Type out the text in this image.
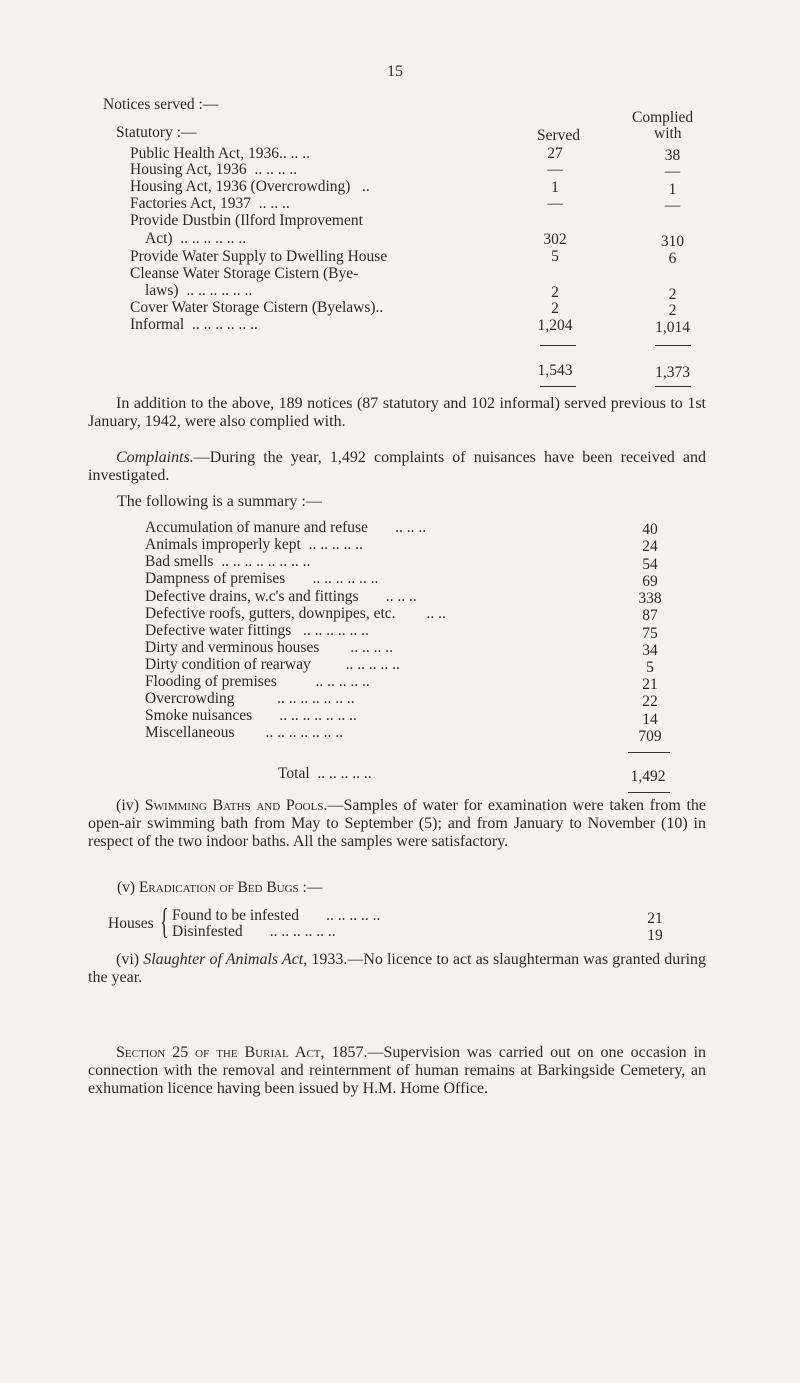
15
Notices served :—
Complied
with
Statutory :—	Served
Public Health Act, 1936.. .. ..	27	38
Housing Act, 1936 .. .. .. ..	—	—
Housing Act, 1936 (Overcrowding) ..	1	1
Factories Act, 1937 .. .. ..	—	—
Provide Dustbin (Ilford Improvement
Act) .. .. .. .. .. ..	302	310
Provide Water Supply to Dwelling House	5	6
Cleanse Water Storage Cistern (Bye-
laws) .. .. .. .. .. ..	2	2
Cover Water Storage Cistern (Byelaws)..	2	2
Informal .. .. .. .. .. ..	1,204	1,014
1,543	1,373
In addition to the above, 189 notices (87 statutory and 102 informal) served previous to 1st January, 1942, were also complied with.
Complaints.—During the year, 1,492 complaints of nuisances have been received and investigated.
The following is a summary :—
Accumulation of manure and refuse .. .. ..	40
Animals improperly kept .. .. .. .. ..	24
Bad smells .. .. .. .. .. .. .. ..	54
Dampness of premises .. .. .. .. .. ..	69
Defective drains, w.c's and fittings .. .. ..	338
Defective roofs, gutters, downpipes, etc. .. ..	87
Defective water fittings .. .. .. .. .. ..	75
Dirty and verminous houses .. .. .. ..	34
Dirty condition of rearway .. .. .. .. ..	5
Flooding of premises	.. .. .. .. ..	21
Overcrowding	.. .. .. .. .. .. ..	22
Smoke nuisances .. .. .. .. .. .. ..	14
Miscellaneous .. .. .. .. .. .. ..	709
Total .. .. .. .. ..	1,492
(iv) Swimming Baths and Pools.—Samples of water for examination were taken from the open-air swimming bath from May to September (5); and from January to November (10) in respect of the two indoor baths. All the samples were satisfactory.
(v) Eradication of Bed Bugs :—
Houses { Found to be infested .. .. .. .. ..	21
Disinfested .. .. .. .. .. ..	19
(vi) Slaughter of Animals Act, 1933.—No licence to act as slaughterman was granted during the year.
Section 25 of the Burial Act, 1857.—Supervision was carried out on one occasion in connection with the removal and reinternment of human remains at Barkingside Cemetery, an exhumation licence having been issued by H.M. Home Office.
